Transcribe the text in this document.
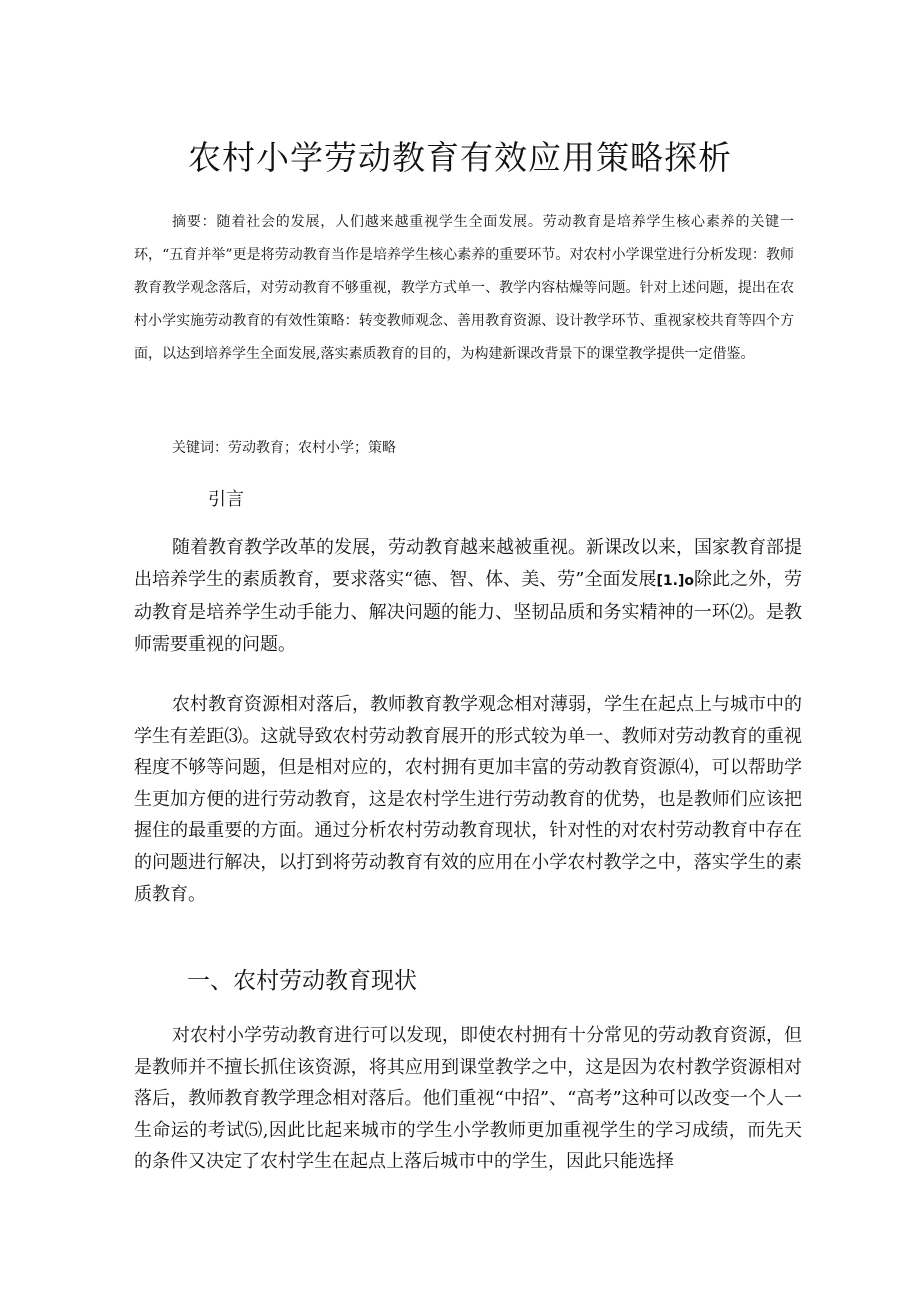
农村小学劳动教育有效应用策略探析

摘要：随着社会的发展，人们越来越重视学生全面发展。劳动教育是培养学生核心素养的关键一环，“五育并举”更是将劳动教育当作是培养学生核心素养的重要环节。对农村小学课堂进行分析发现：教师教育教学观念落后，对劳动教育不够重视，教学方式单一、教学内容枯燥等问题。针对上述问题，提出在农村小学实施劳动教育的有效性策略：转变教师观念、善用教育资源、设计教学环节、重视家校共育等四个方面，以达到培养学生全面发展,落实素质教育的目的，为构建新课改背景下的课堂教学提供一定借鉴。

关键词：劳动教育；农村小学；策略

引言

随着教育教学改革的发展，劳动教育越来越被重视。新课改以来，国家教育部提出培养学生的素质教育，要求落实“德、智、体、美、劳”全面发展[1.]o除此之外，劳动教育是培养学生动手能力、解决问题的能力、坚韧品质和务实精神的一环⑵。是教师需要重视的问题。

农村教育资源相对落后，教师教育教学观念相对薄弱，学生在起点上与城市中的学生有差距⑶。这就导致农村劳动教育展开的形式较为单一、教师对劳动教育的重视程度不够等问题，但是相对应的，农村拥有更加丰富的劳动教育资源⑷，可以帮助学生更加方便的进行劳动教育，这是农村学生进行劳动教育的优势，也是教师们应该把握住的最重要的方面。通过分析农村劳动教育现状，针对性的对农村劳动教育中存在的问题进行解决，以打到将劳动教育有效的应用在小学农村教学之中，落实学生的素质教育。

一、农村劳动教育现状

对农村小学劳动教育进行可以发现，即使农村拥有十分常见的劳动教育资源，但是教师并不擅长抓住该资源，将其应用到课堂教学之中，这是因为农村教学资源相对落后，教师教育教学理念相对落后。他们重视“中招”、“高考”这种可以改变一个人一生命运的考试⑸,因此比起来城市的学生小学教师更加重视学生的学习成绩，而先天的条件又决定了农村学生在起点上落后城市中的学生，因此只能选择
